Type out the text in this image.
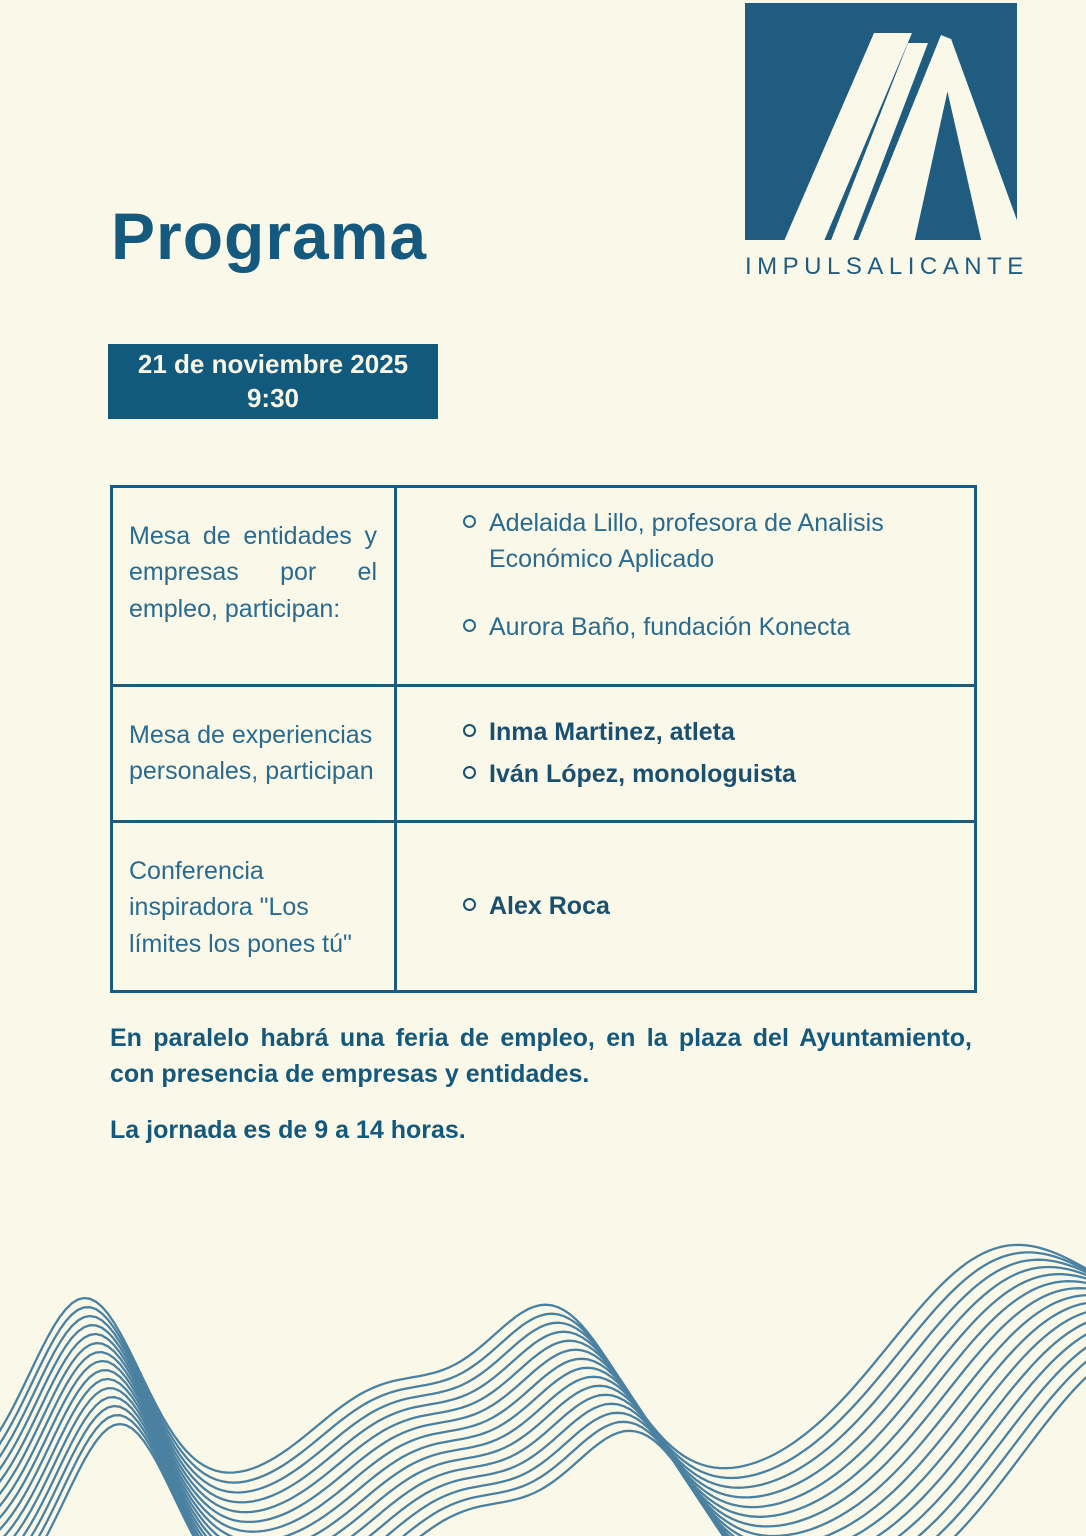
IMPULSALICANTE
Programa
21 de noviembre 2025
9:30
Mesa de entidades y empresas por el empleo, participan:
Adelaida Lillo, profesora de Analisis Económico Aplicado
Aurora Baño, fundación Konecta
Mesa de experiencias personales, participan
Inma Martinez, atleta
Iván López, monologuista
Conferencia inspiradora "Los límites los pones tú"
Alex Roca

En paralelo habrá una feria de empleo, en la plaza del Ayuntamiento, con presencia de empresas y entidades.

La jornada es de 9 a 14 horas.
